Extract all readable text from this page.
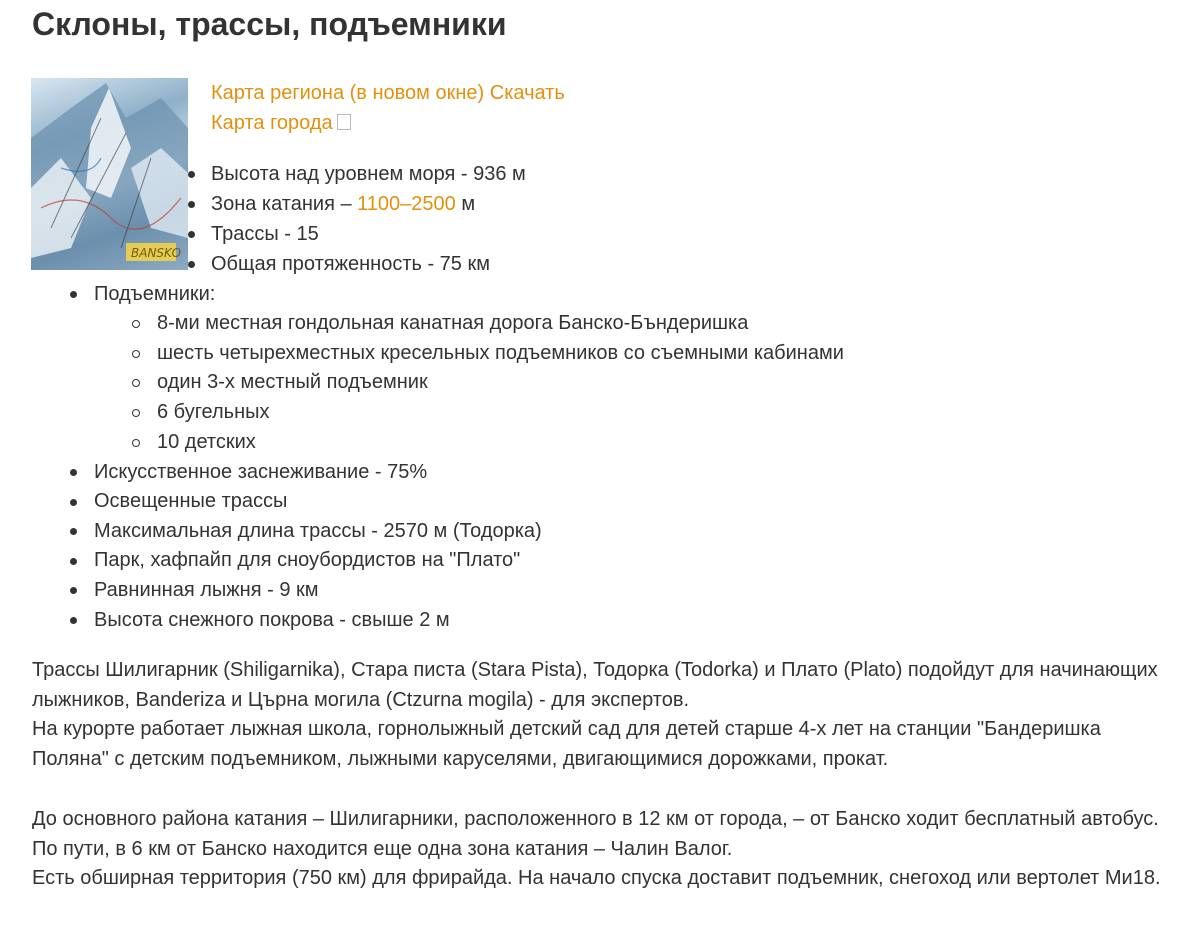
Склоны, трассы, подъемники
BANSKO
Карта региона (в новом окне) Скачать
Карта города
Высота над уровнем моря - 936 м
Зона катания – 1100–2500 м
Трассы - 15
Общая протяженность - 75 км
Подъемники:
8-ми местная гондольная канатная дорога Банско-Бъндеришка
шесть четырехместных кресельных подъемников со съемными кабинами
один 3-х местный подъемник
6 бугельных
10 детских
Искусственное заснеживание - 75%
Освещенные трассы
Максимальная длина трассы - 2570 м (Тодорка)
Парк, хафпайп для сноубордистов на "Плато"
Равнинная лыжня - 9 км
Высота снежного покрова - свыше 2 м
Трассы Шилигарник (Shiligarnika), Стара писта (Stara Pista), Тодорка (Todorka) и Плато (Plato) подойдут для начинающих лыжников, Banderiza и Църна могила (Ctzurna mogila) - для экспертов.
На курорте работает лыжная школа, горнолыжный детский сад для детей старше 4-х лет на станции "Бандеришка Поляна" с детским подъемником, лыжными каруселями, двигающимися дорожками, прокат.
До основного района катания – Шилигарники, расположенного в 12 км от города, – от Банско ходит бесплатный автобус. По пути, в 6 км от Банско находится еще одна зона катания – Чалин Валог.
Есть обширная территория (750 км) для фрирайда. На начало спуска доставит подъемник, снегоход или вертолет Ми18.
